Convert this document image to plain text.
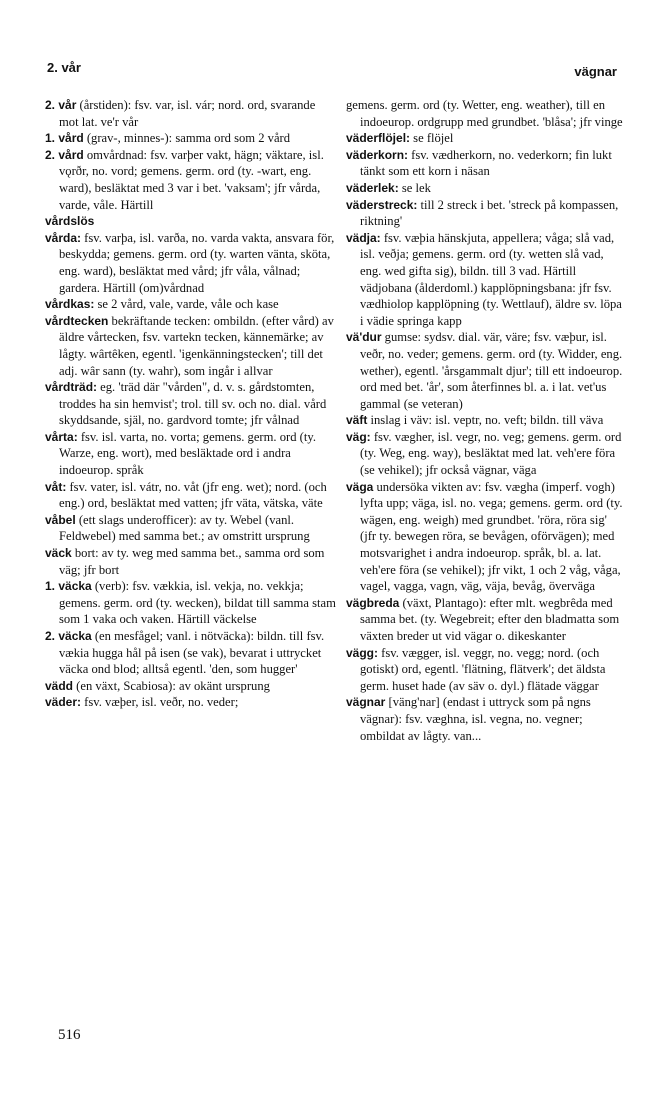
2. vår	vägnar

2. vår (årstiden): fsv. var, isl. vár; nord. ord, svarande mot lat. ve'r vår

1. vård (grav-, minnes-): samma ord som 2 vård

2. vård omvårdnad: fsv. varþer vakt, hägn; väktare, isl. vǫrðr, no. vord; gemens. germ. ord (ty. -wart, eng. ward), besläktat med 3 var i bet. 'vaksam'; jfr vårda, varde, våle. Härtill

vårdslös

vårda: fsv. varþa, isl. varða, no. varda vakta, ansvara för, beskydda; gemens. germ. ord (ty. warten vänta, sköta, eng. ward), besläktat med vård; jfr våla, vålnad; gardera. Härtill (om)vårdnad

vårdkas: se 2 vård, vale, varde, våle och kase

vårdtecken bekräftande tecken: ombildn. (efter vård) av äldre vårtecken, fsv. vartekn tecken, kännemärke; av lågty. wârtêken, egentl. 'igenkänningstecken'; till det adj. wâr sann (ty. wahr), som ingår i allvar

vårdträd: eg. 'träd där "vården", d. v. s. gårdstomten, troddes ha sin hemvist'; trol. till sv. och no. dial. vård skyddsande, själ, no. gardvord tomte; jfr vålnad

vårta: fsv. isl. varta, no. vorta; gemens. germ. ord (ty. Warze, eng. wort), med besläktade ord i andra indoeurop. språk

våt: fsv. vater, isl. vátr, no. våt (jfr eng. wet); nord. (och eng.) ord, besläktat med vatten; jfr väta, vätska, väte

våbel (ett slags underofficer): av ty. Webel (vanl. Feldwebel) med samma bet.; av omstritt ursprung

väck bort: av ty. weg med samma bet., samma ord som väg; jfr bort

1. väcka (verb): fsv. vækkia, isl. vekja, no. vekkja; gemens. germ. ord (ty. wecken), bildat till samma stam som 1 vaka och vaken. Härtill väckelse

2. väcka (en mesfågel; vanl. i nötväcka): bildn. till fsv. vækia hugga hål på isen (se vak), bevarat i uttrycket väcka ond blod; alltså egentl. 'den, som hugger'

vädd (en växt, Scabiosa): av okänt ursprung

väder: fsv. væþer, isl. veðr, no. veder;

gemens. germ. ord (ty. Wetter, eng. weather), till en indoeurop. ordgrupp med grundbet. 'blåsa'; jfr vinge

väderflöjel: se flöjel

väderkorn: fsv. vædherkorn, no. vederkorn; fin lukt tänkt som ett korn i näsan

väderlek: se lek

väderstreck: till 2 streck i bet. 'streck på kompassen, riktning'

vädja: fsv. væþia hänskjuta, appellera; våga; slå vad, isl. veðja; gemens. germ. ord (ty. wetten slå vad, eng. wed gifta sig), bildn. till 3 vad. Härtill vädjobana (ålderdoml.) kapplöpningsbana: jfr fsv. vædhiolop kapplöpning (ty. Wettlauf), äldre sv. löpa i vädie springa kapp

vä'dur gumse: sydsv. dial. vär, väre; fsv. væþur, isl. veðr, no. veder; gemens. germ. ord (ty. Widder, eng. wether), egentl. 'årsgammalt djur'; till ett indoeurop. ord med bet. 'år', som återfinnes bl. a. i lat. vet'us gammal (se veteran)

väft inslag i väv: isl. veptr, no. veft; bildn. till väva

väg: fsv. vægher, isl. vegr, no. veg; gemens. germ. ord (ty. Weg, eng. way), besläktat med lat. veh'ere föra (se vehikel); jfr också vägnar, väga

väga undersöka vikten av: fsv. vægha (imperf. vogh) lyfta upp; väga, isl. no. vega; gemens. germ. ord (ty. wägen, eng. weigh) med grundbet. 'röra, röra sig' (jfr ty. bewegen röra, se bevågen, oförvägen); med motsvarighet i andra indoeurop. språk, bl. a. lat. veh'ere föra (se vehikel); jfr vikt, 1 och 2 våg, våga, vagel, vagga, vagn, väg, väja, bevåg, överväga

vägbreda (växt, Plantago): efter mlt. wegbrêda med samma bet. (ty. Wegebreit; efter den bladmatta som växten breder ut vid vägar o. dikeskanter

vägg: fsv. vægger, isl. veggr, no. vegg; nord. (och gotiskt) ord, egentl. 'flätning, flätverk'; det äldsta germ. huset hade (av säv o. dyl.) flätade väggar

vägnar [väng'nar] (endast i uttryck som på ngns vägnar): fsv. væghna, isl. vegna, no. vegner; ombildat av lågty. van...

516
